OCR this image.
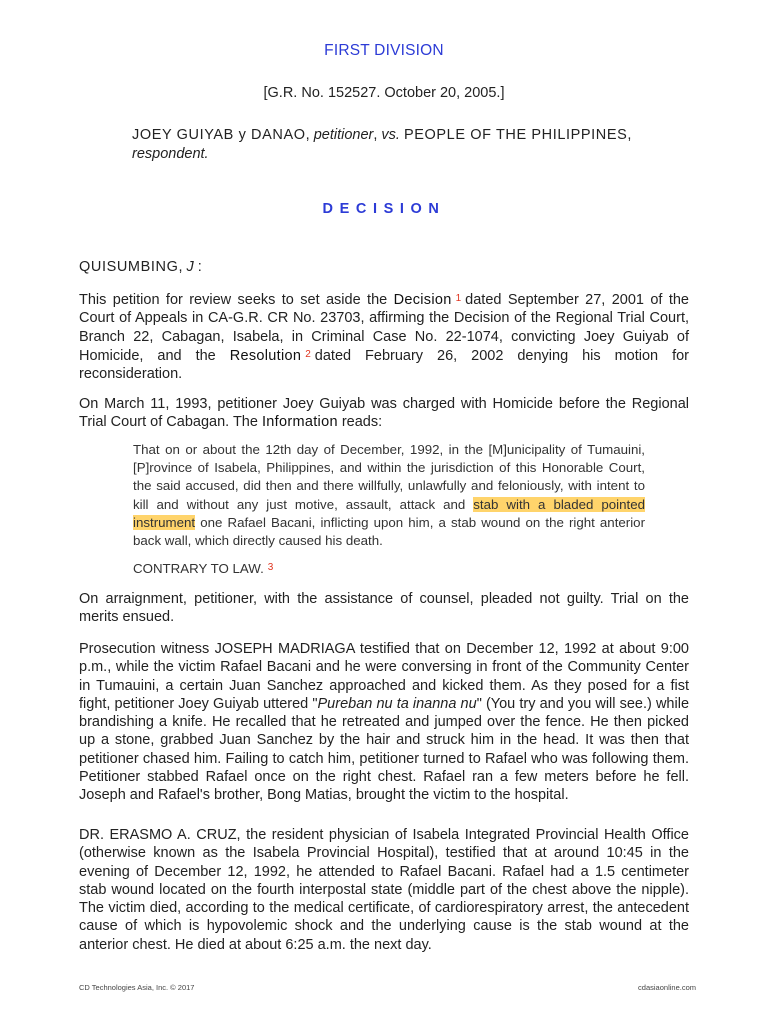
FIRST DIVISION
[G.R. No. 152527. October 20, 2005.]
JOEY GUIYAB y DANAO, petitioner, vs. PEOPLE OF THE PHILIPPINES,
respondent.
DECISION
QUISUMBING, J :
This petition for review seeks to set aside the Decision $^1$ dated September 27, 2001 of the Court of Appeals in CA-G.R. CR No. 23703, affirming the Decision of the Regional Trial Court, Branch 22, Cabagan, Isabela, in Criminal Case No. 22-1074, convicting Joey Guiyab of Homicide, and the Resolution $^2$ dated February 26, 2002 denying his motion for reconsideration.
On March 11, 1993, petitioner Joey Guiyab was charged with Homicide before the Regional Trial Court of Cabagan. The Information reads:
That on or about the 12th day of December, 1992, in the [M]unicipality of Tumauini, [P]rovince of Isabela, Philippines, and within the jurisdiction of this Honorable Court, the said accused, did then and there willfully, unlawfully and feloniously, with intent to kill and without any just motive, assault, attack and stab with a bladed pointed instrument one Rafael Bacani, inflicting upon him, a stab wound on the right anterior back wall, which directly caused his death.
CONTRARY TO LAW. $^3$
On arraignment, petitioner, with the assistance of counsel, pleaded not guilty. Trial on the merits ensued.
Prosecution witness JOSEPH MADRIAGA testified that on December 12, 1992 at about 9:00 p.m., while the victim Rafael Bacani and he were conversing in front of the Community Center in Tumauini, a certain Juan Sanchez approached and kicked them. As they posed for a fist fight, petitioner Joey Guiyab uttered "Pureban nu ta inanna nu" (You try and you will see.) while brandishing a knife. He recalled that he retreated and jumped over the fence. He then picked up a stone, grabbed Juan Sanchez by the hair and struck him in the head. It was then that petitioner chased him. Failing to catch him, petitioner turned to Rafael who was following them. Petitioner stabbed Rafael once on the right chest. Rafael ran a few meters before he fell. Joseph and Rafael's brother, Bong Matias, brought the victim to the hospital.
DR. ERASMO A. CRUZ, the resident physician of Isabela Integrated Provincial Health Office (otherwise known as the Isabela Provincial Hospital), testified that at around 10:45 in the evening of December 12, 1992, he attended to Rafael Bacani. Rafael had a 1.5 centimeter stab wound located on the fourth interpostal state (middle part of the chest above the nipple). The victim died, according to the medical certificate, of cardiorespiratory arrest, the antecedent cause of which is hypovolemic shock and the underlying cause is the stab wound at the anterior chest. He died at about 6:25 a.m. the next day.
CD Technologies Asia, Inc. © 2017	cdasiaonline.com
